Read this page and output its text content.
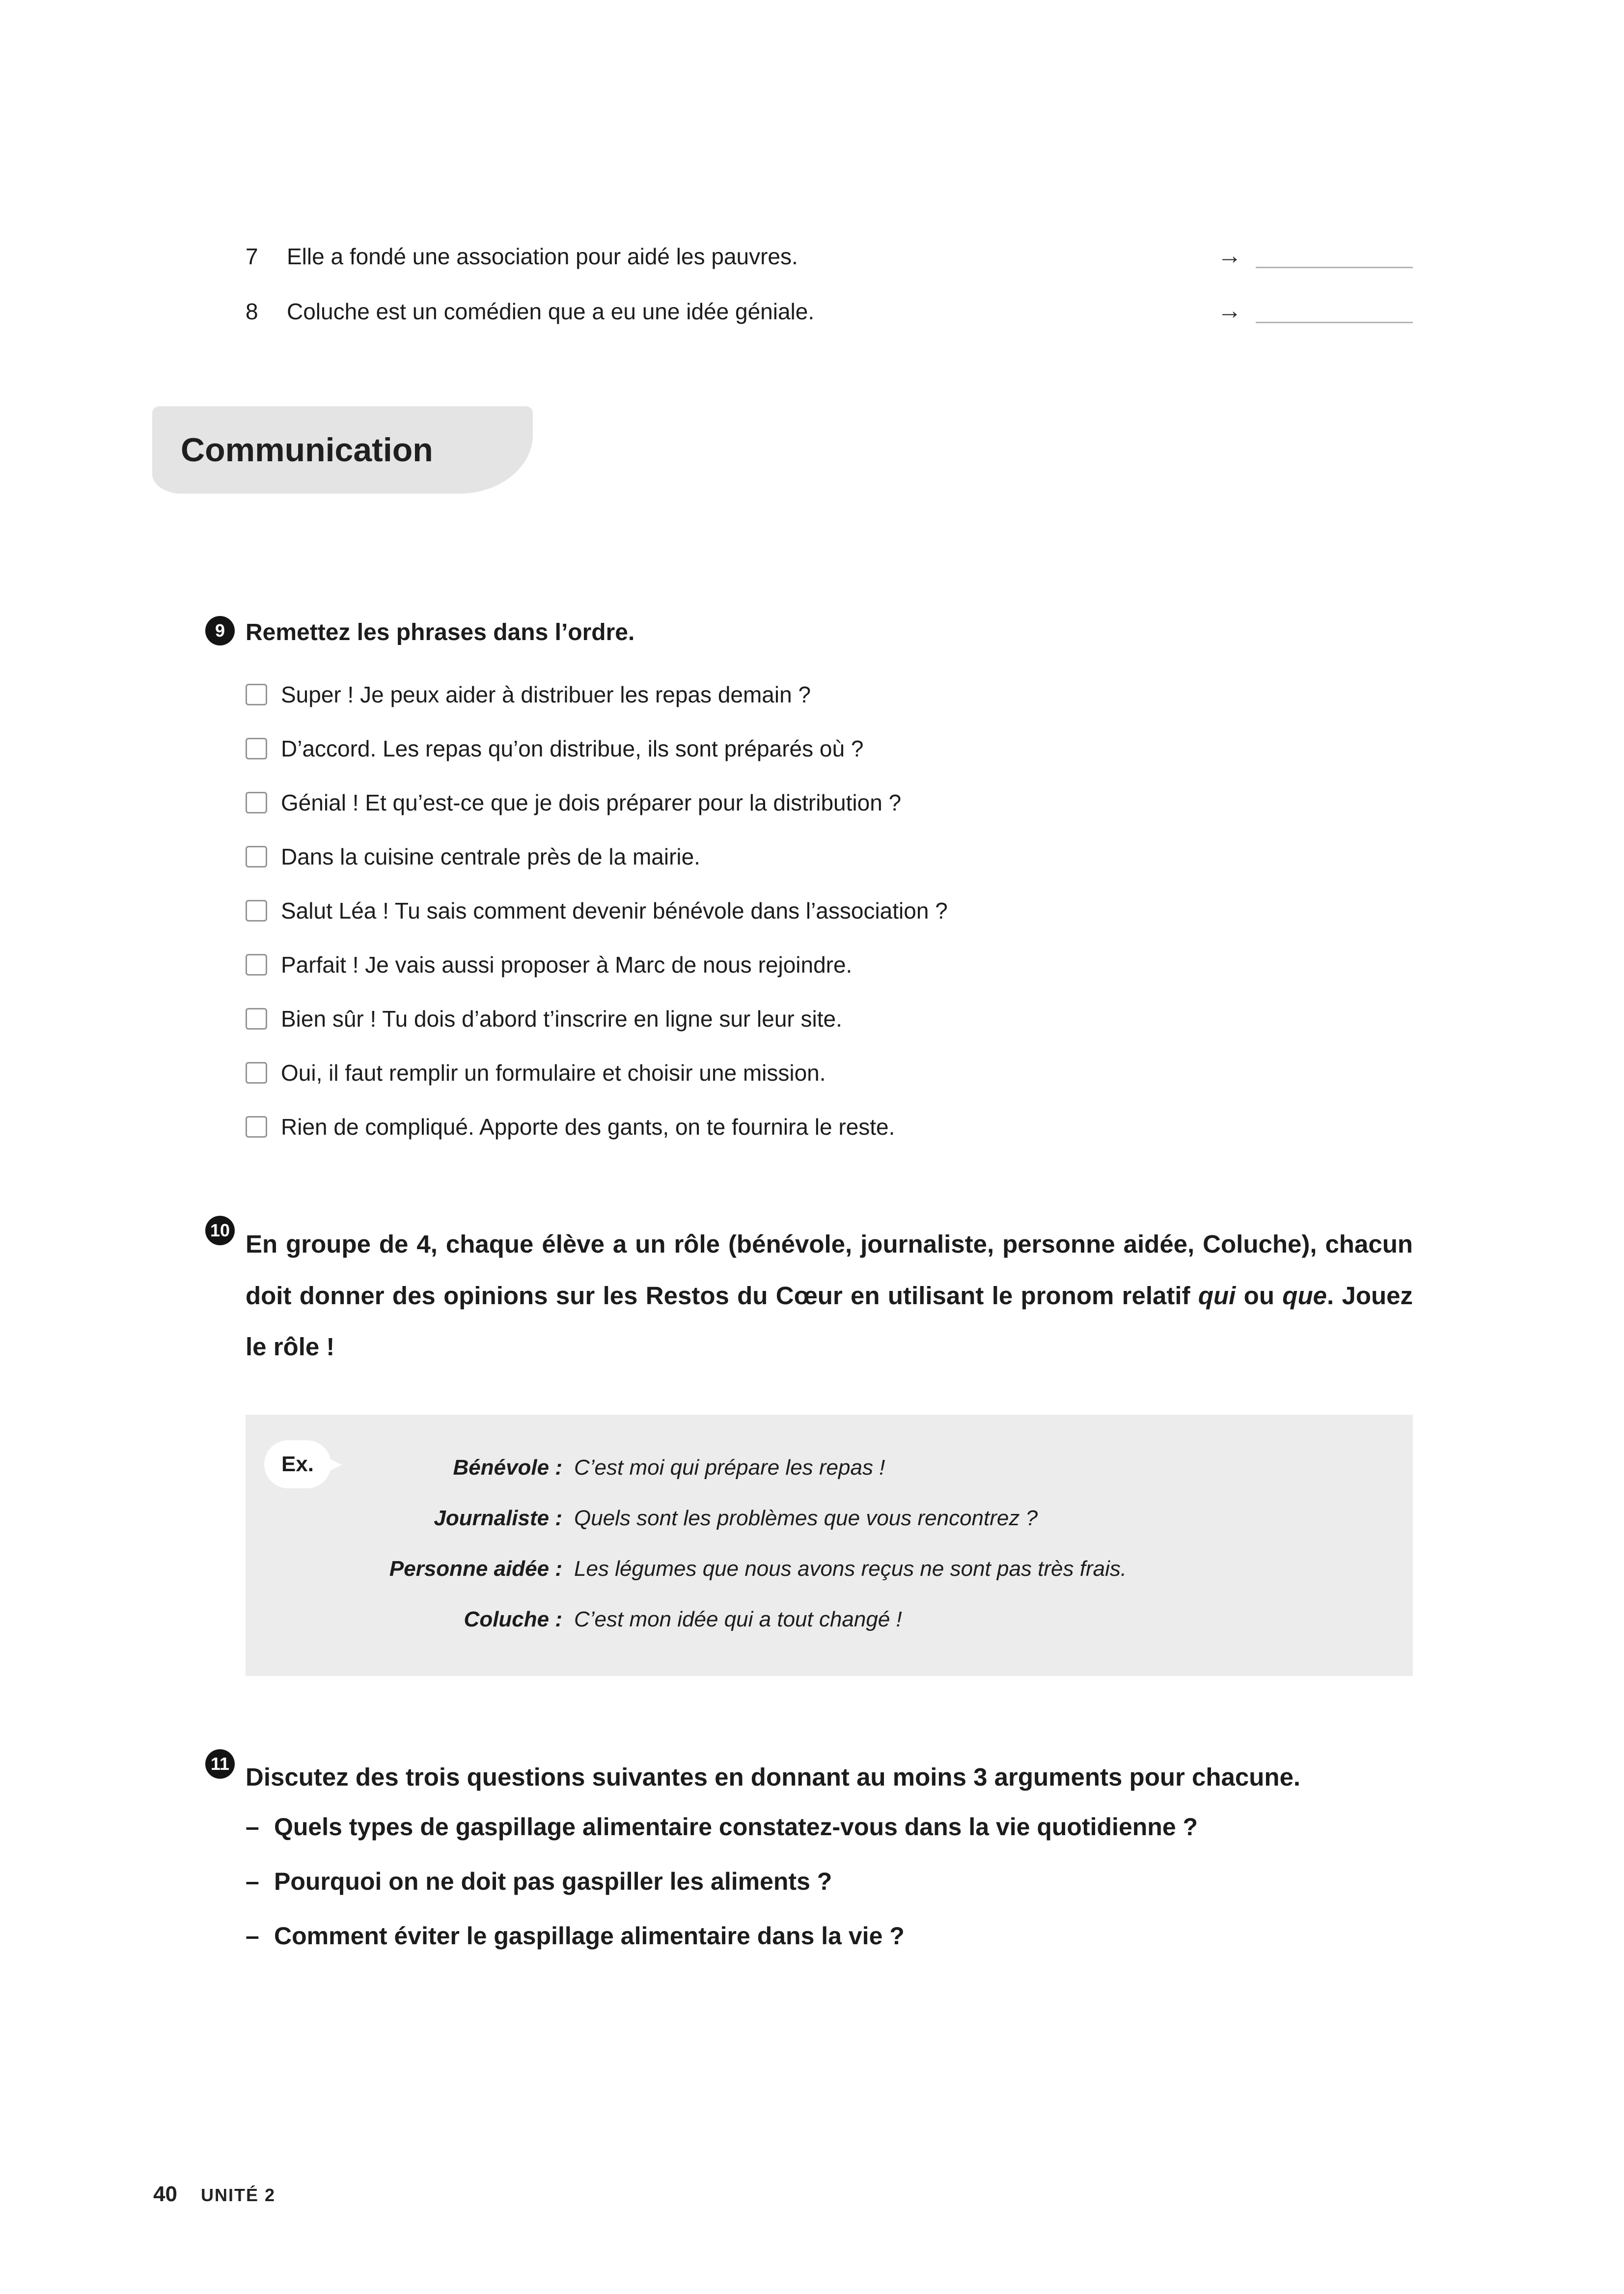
7	Elle a fondé une association pour aidé les pauvres.	→
8	Coluche est un comédien que a eu une idée géniale.	→
Communication
9 Remettez les phrases dans l’ordre.
Super ! Je peux aider à distribuer les repas demain ?
D’accord. Les repas qu’on distribue, ils sont préparés où ?
Génial ! Et qu’est-ce que je dois préparer pour la distribution ?
Dans la cuisine centrale près de la mairie.
Salut Léa ! Tu sais comment devenir bénévole dans l’association ?
Parfait ! Je vais aussi proposer à Marc de nous rejoindre.
Bien sûr ! Tu dois d’abord t’inscrire en ligne sur leur site.
Oui, il faut remplir un formulaire et choisir une mission.
Rien de compliqué. Apporte des gants, on te fournira le reste.
10 En groupe de 4, chaque élève a un rôle (bénévole, journaliste, personne aidée, Coluche), chacun doit donner des opinions sur les Restos du Cœur en utilisant le pronom relatif qui ou que. Jouez le rôle !
Ex.	Bénévole : C’est moi qui prépare les repas !
Journaliste : Quels sont les problèmes que vous rencontrez ?
Personne aidée : Les légumes que nous avons reçus ne sont pas très frais.
Coluche : C’est mon idée qui a tout changé !
11 Discutez des trois questions suivantes en donnant au moins 3 arguments pour chacune.
– Quels types de gaspillage alimentaire constatez-vous dans la vie quotidienne ?
– Pourquoi on ne doit pas gaspiller les aliments ?
– Comment éviter le gaspillage alimentaire dans la vie ?
40 UNITÉ 2
